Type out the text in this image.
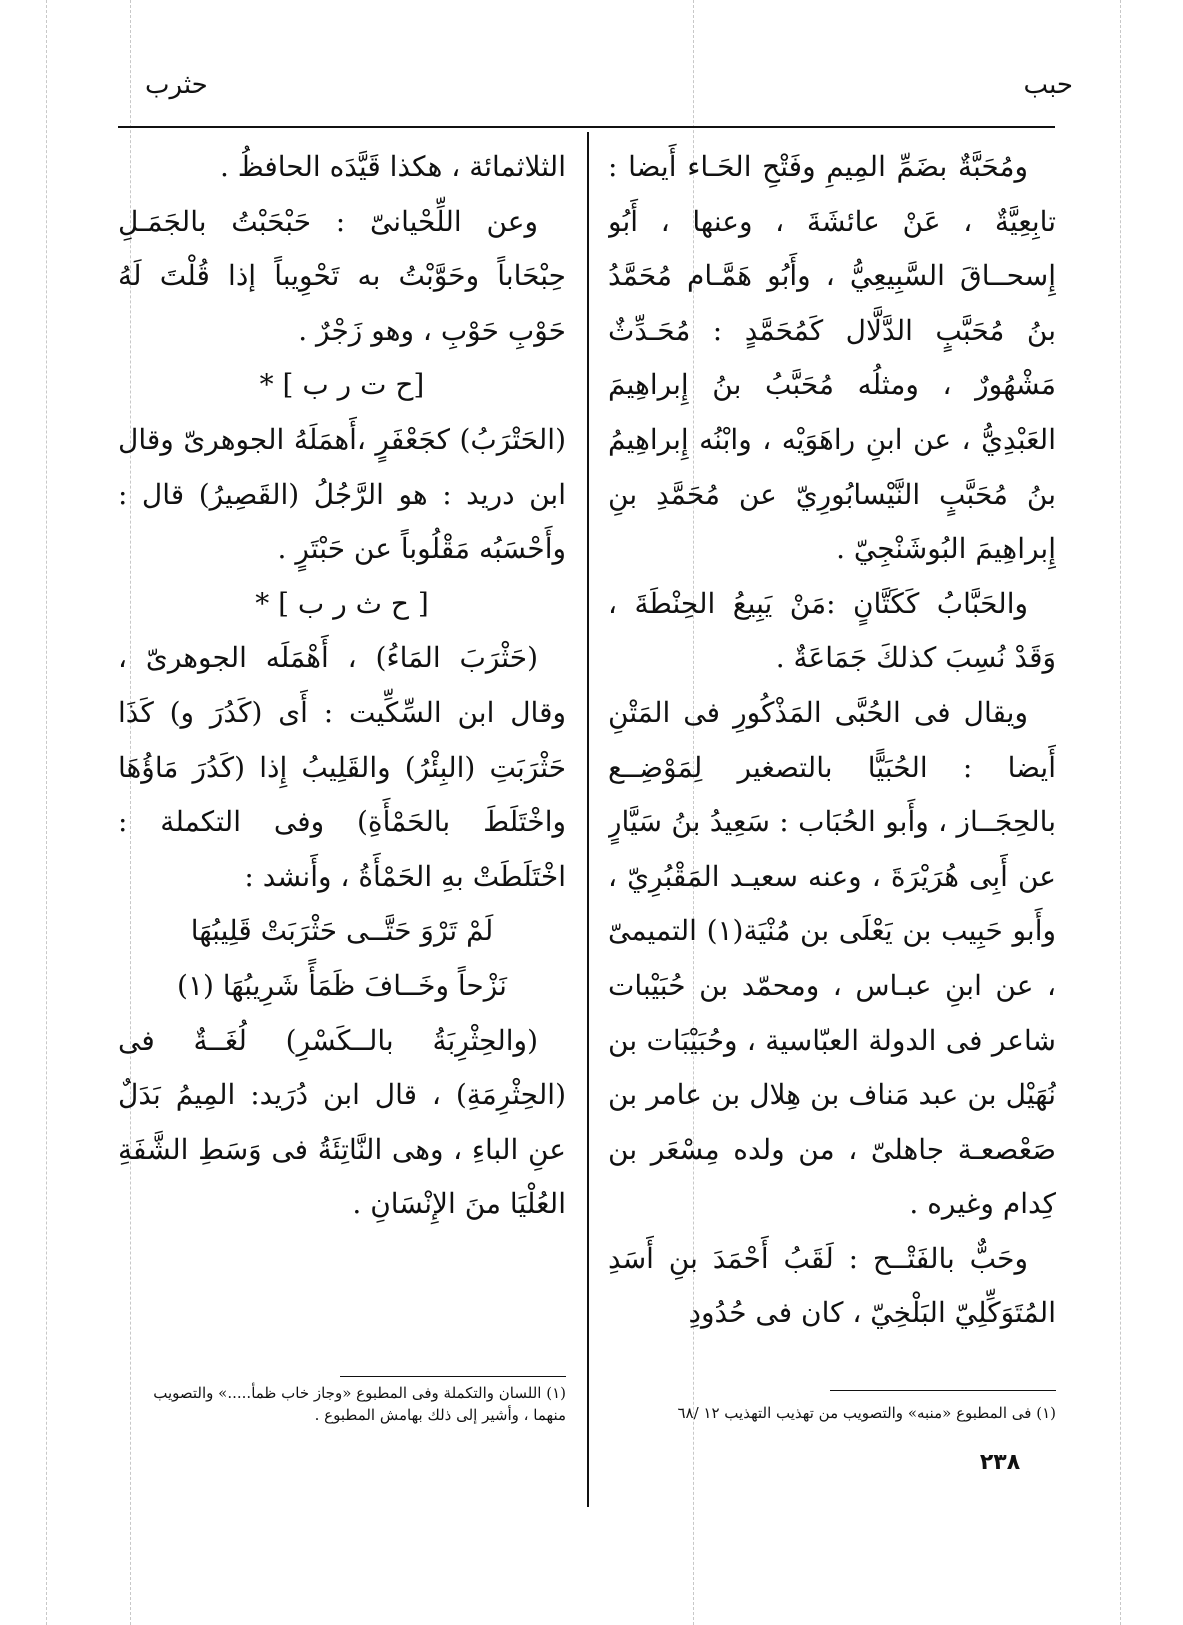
حبب
حثرب

ومُحَبَّةٌ بضَمِّ المِيمِ وفَتْحِ الحَـاء أَيضا : تابِعِيَّةٌ ، عَنْ عائشَةَ ، وعنها ، أَبُو إِسحــاقَ السَّبِيعِيُّ ، وأَبُو هَمَّـام مُحَمَّدُ بنُ مُحَبَّبٍ الدَّلَّال كَمُحَمَّدٍ : مُحَـدِّثٌ مَشْهُورٌ ، ومثلُه مُحَبَّبُ بنُ إِبراهِيمَ العَبْدِيُّ ، عن ابنِ راهَوَيْه ، وابْنُه إِبراهِيمُ بنُ مُحَبَّبٍ النَّيْسابُورِيّ عن مُحَمَّدِ بنِ إِبراهِيمَ البُوشَنْجِيّ .

والحَبَّابُ كَكَتَّانٍ :مَنْ يَبِيعُ الحِنْطَةَ ، وَقَدْ نُسِبَ كذلكَ جَمَاعَةٌ .

ويقال فى الحُبَّى المَذْكُورِ فى المَتْنِ أَيضا : الحُبَيًّا بالتصغير لِمَوْضِــع بالحِجَــاز ، وأَبو الحُبَاب : سَعِيدُ بنُ سَيَّارٍ عن أَبِى هُرَيْرَةَ ، وعنه سعيـد المَقْبُرِيّ ، وأَبو حَبِيب بن يَعْلَى بن مُنْيَة(١) التميمىّ ، عن ابنِ عبـاس ، ومحمّد بن حُبَيْبات شاعر فى الدولة العبّاسية ، وحُبَيْبَات بن نُهَيْل بن عبد مَناف بن هِلال بن عامر بن صَعْصعـة جاهلىّ ، من ولده مِسْعَر بن كِدام وغيره .

وحَبٌّ بالفَتْــح : لَقَبُ أَحْمَدَ بنِ أَسَدِ المُتَوَكِّلِيّ البَلْخِيّ ، كان فى حُدُودِ

الثلاثمائة ، هكذا قَيَّدَه الحافظُ .

وعن اللِّحْيانىّ : حَبْحَبْتُ بالجَمَـلِ حِبْحَاباً وحَوَّبْتُ به تَحْوِيباً إذا قُلْتَ لَهُ حَوْبِ حَوْبِ ، وهو زَجْرٌ .

[ح ت ر ب ] *

(الحَتْرَبُ) كجَعْفَرٍ ،أَهمَلَهُ الجوهرىّ وقال ابن دريد : هو الرَّجُلُ (القَصِيرُ) قال : وأَحْسَبُه مَقْلُوباً عن حَبْتَرٍ .

[ ح ث ر ب ] *

(حَثْرَبَ المَاءُ) ، أَهْمَلَه الجوهرىّ ، وقال ابن السِّكِّيت : أَى (كَدُرَ و) كَذَا حَثْرَبَتِ (البِئْرُ) والقَلِيبُ إِذا (كَدُرَ مَاؤُهَا واخْتَلَطَ بالحَمْأَةِ) وفى التكملة : اخْتَلَطَتْ بهِ الحَمْأَةُ ، وأَنشد :

لَمْ تَرْوَ حَتَّــى حَثْرَبَتْ قَلِيبُهَا

نَزْحاً وخَــافَ ظَمَأً شَرِيبُهَا (١)

(والحِثْرِبَةُ بالــكَسْرِ) لُغَــةٌ فى (الحِثْرِمَةِ) ، قال ابن دُرَيد: المِيمُ بَدَلٌ عنِ الباءِ ، وهى النَّاتِئَةُ فى وَسَطِ الشَّفَةِ العُلْيَا منَ الإِنْسَانِ .

(١) فى المطبوع «منبه» والتصويب من تهذيب التهذيب ١٢ /٦٨
(١) اللسان والتكملة وفى المطبوع «وجاز خاب ظمأ.....» والتصويب منهما ، وأشير إلى ذلك بهامش المطبوع .
٢٣٨
